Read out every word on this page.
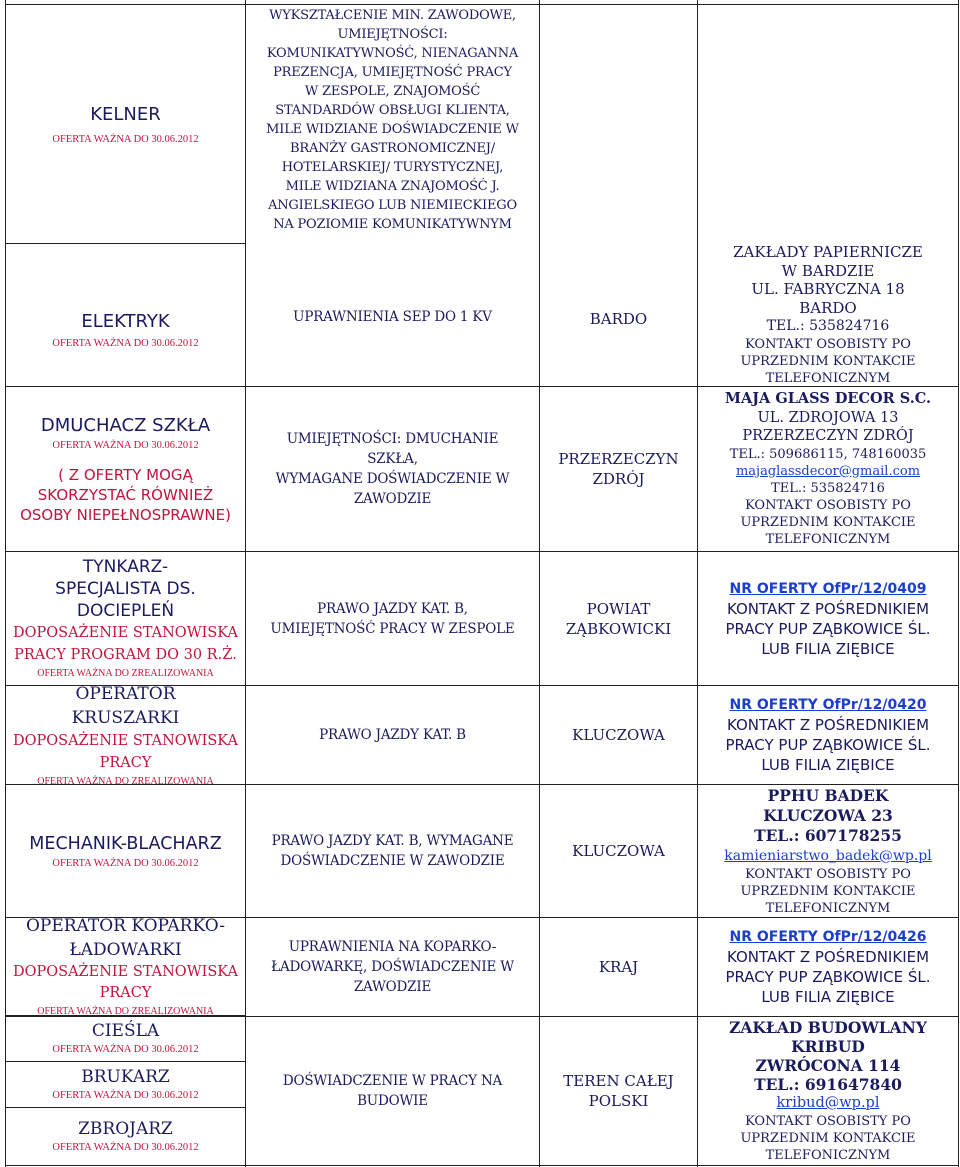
KELNER
OFERTA WAŻNA DO 30.06.2012
WYKSZTAŁCENIE MIN. ZAWODOWE,
UMIEJĘTNOŚCI:
KOMUNIKATYWNOŚĆ, NIENAGANNA
PREZENCJA, UMIEJĘTNOŚĆ PRACY
W ZESPOLE, ZNAJOMOŚĆ
STANDARDÓW OBSŁUGI KLIENTA,
MILE WIDZIANE DOŚWIADCZENIE W
BRANŻY GASTRONOMICZNEJ/
HOTELARSKIEJ/ TURYSTYCZNEJ,
MILE WIDZIANA ZNAJOMOŚĆ J.
ANGIELSKIEGO LUB NIEMIECKIEGO
NA POZIOMIE KOMUNIKATYWNYM
ELEKTRYK
OFERTA WAŻNA DO 30.06.2012
UPRAWNIENIA SEP DO 1 KV	BARDO
ZAKŁADY PAPIERNICZE
W BARDZIE
UL. FABRYCZNA 18
BARDO
TEL.: 535824716
KONTAKT OSOBISTY PO
UPRZEDNIM KONTAKCIE
TELEFONICZNYM
DMUCHACZ SZKŁA
OFERTA WAŻNA DO 30.06.2012
( Z OFERTY MOGĄ
SKORZYSTAĆ RÓWNIEŻ
OSOBY NIEPEŁNOSPRAWNE)
UMIEJĘTNOŚCI: DMUCHANIE
SZKŁA,
WYMAGANE DOŚWIADCZENIE W
ZAWODZIE
PRZERZECZYN
ZDRÓJ
MAJA GLASS DECOR S.C.
UL. ZDROJOWA 13
PRZERZECZYN ZDRÓJ
TEL.: 509686115, 748160035
majaglassdecor@gmail.com
TEL.: 535824716
KONTAKT OSOBISTY PO
UPRZEDNIM KONTAKCIE
TELEFONICZNYM
TYNKARZ-
SPECJALISTA DS.
DOCIEPLEŃ
DOPOSAŻENIE STANOWISKA
PRACY PROGRAM DO 30 R.Ż.
OFERTA WAŻNA DO ZREALIZOWANIA
PRAWO JAZDY KAT. B,
UMIEJĘTNOŚĆ PRACY W ZESPOLE
POWIAT
ZĄBKOWICKI
NR OFERTY OfPr/12/0409
KONTAKT Z POŚREDNIKIEM
PRACY PUP ZĄBKOWICE ŚL.
LUB FILIA ZIĘBICE
OPERATOR
KRUSZARKI
DOPOSAŻENIE STANOWISKA
PRACY
OFERTA WAŻNA DO ZREALIZOWANIA
PRAWO JAZDY KAT. B	KLUCZOWA
NR OFERTY OfPr/12/0420
KONTAKT Z POŚREDNIKIEM
PRACY PUP ZĄBKOWICE ŚL.
LUB FILIA ZIĘBICE
MECHANIK-BLACHARZ
OFERTA WAŻNA DO 30.06.2012
PRAWO JAZDY KAT. B, WYMAGANE
DOŚWIADCZENIE W ZAWODZIE
KLUCZOWA
PPHU BADEK
KLUCZOWA 23
TEL.: 607178255
kamieniarstwo_badek@wp.pl
KONTAKT OSOBISTY PO
UPRZEDNIM KONTAKCIE
TELEFONICZNYM
OPERATOR KOPARKO-
ŁADOWARKI
DOPOSAŻENIE STANOWISKA
PRACY
OFERTA WAŻNA DO ZREALIZOWANIA
UPRAWNIENIA NA KOPARKO-
ŁADOWARKĘ, DOŚWIADCZENIE W
ZAWODZIE
KRAJ
NR OFERTY OfPr/12/0426
KONTAKT Z POŚREDNIKIEM
PRACY PUP ZĄBKOWICE ŚL.
LUB FILIA ZIĘBICE
CIEŚLA
OFERTA WAŻNA DO 30.06.2012
BRUKARZ
OFERTA WAŻNA DO 30.06.2012
ZBROJARZ
OFERTA WAŻNA DO 30.06.2012
DOŚWIADCZENIE W PRACY NA
BUDOWIE
TEREN CAŁEJ
POLSKI
ZAKŁAD BUDOWLANY
KRIBUD
ZWRÓCONA 114
TEL.: 691647840
kribud@wp.pl
KONTAKT OSOBISTY PO
UPRZEDNIM KONTAKCIE
TELEFONICZNYM
